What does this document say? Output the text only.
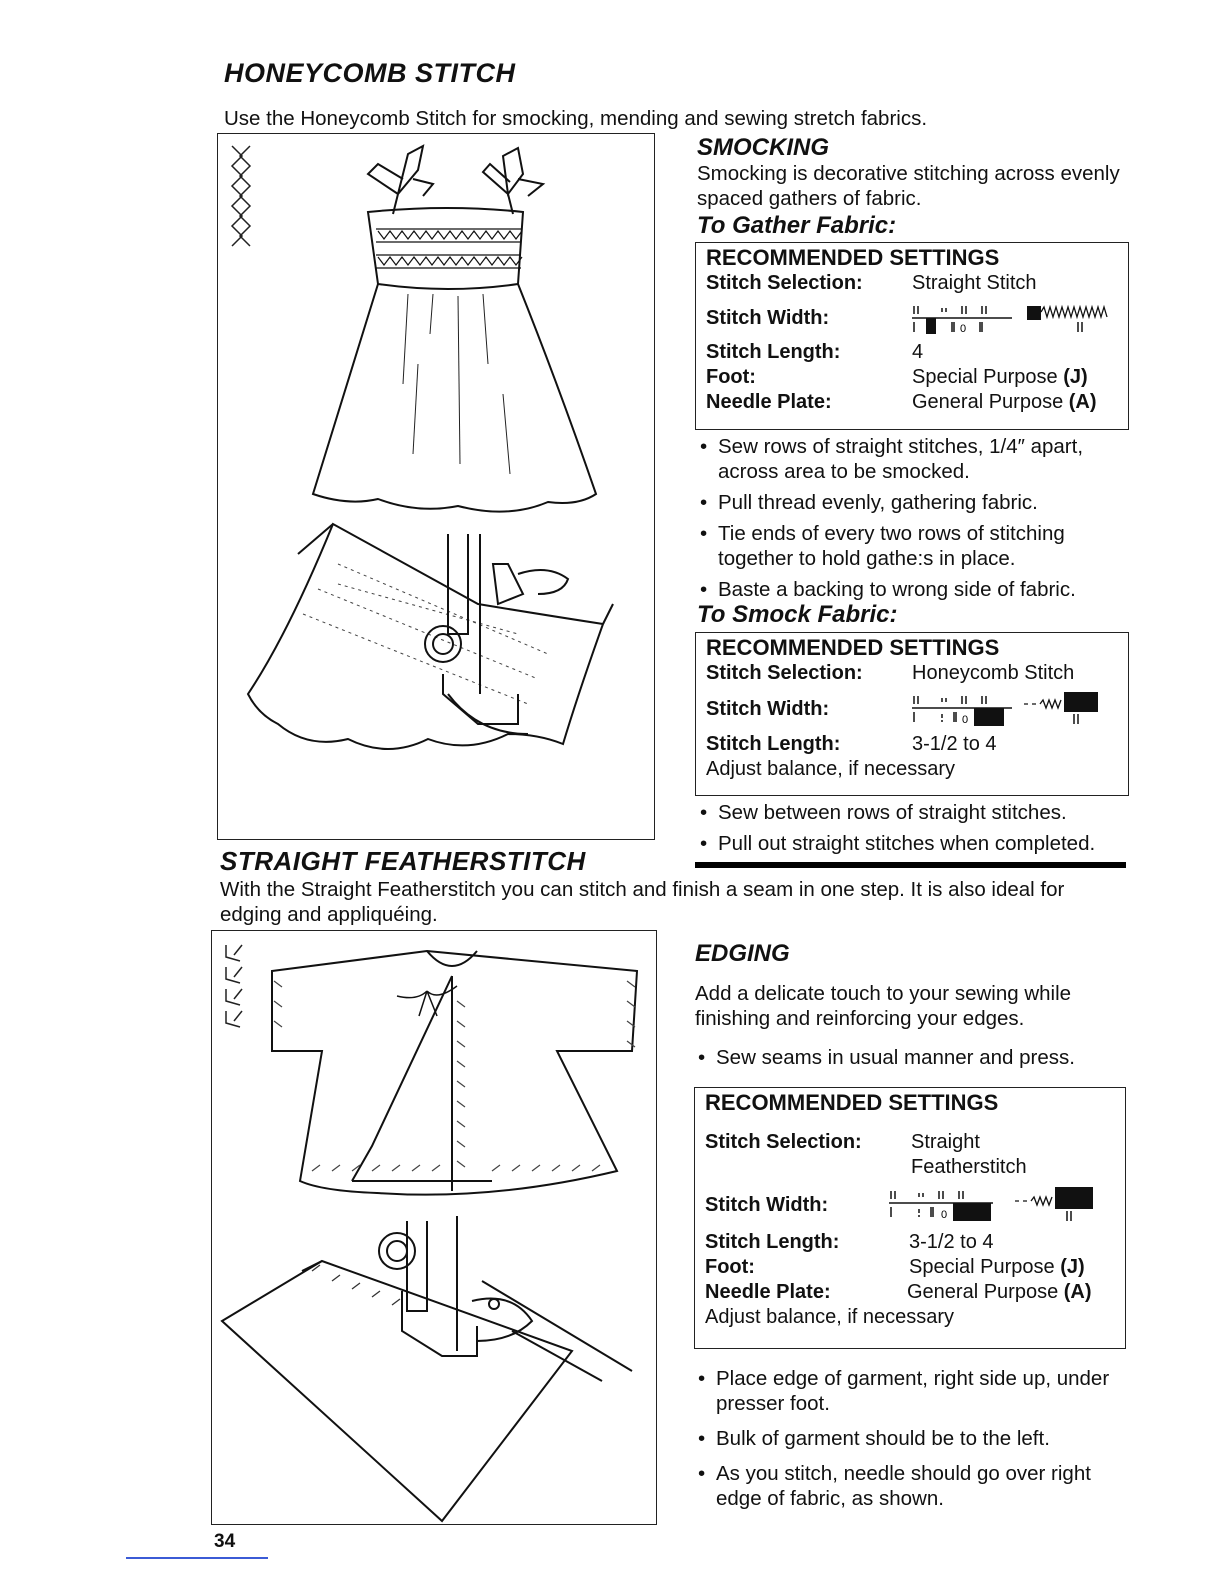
HONEYCOMB STITCH
Use the Honeycomb Stitch for smocking, mending and sewing stretch fabrics.
SMOCKING
Smocking is decorative stitching across evenly spaced gathers of fabric.
To Gather Fabric:
RECOMMENDED SETTINGS
Stitch Selection:	Straight Stitch
Stitch Width:
0
Stitch Length:	4
Foot:	Special Purpose (J)
Needle Plate:	General Purpose (A)
• Sew rows of straight stitches, 1/4″ apart, across area to be smocked.
• Pull thread evenly, gathering fabric.
• Tie ends of every two rows of stitching together to hold gathe:s in place.
• Baste a backing to wrong side of fabric.
To Smock Fabric:
RECOMMENDED SETTINGS
Stitch Selection:	Honeycomb Stitch
Stitch Width:
0
Stitch Length:	3-1/2 to 4
Adjust balance, if necessary
• Sew between rows of straight stitches.
• Pull out straight stitches when completed.
STRAIGHT FEATHERSTITCH
With the Straight Featherstitch you can stitch and finish a seam in one step. It is also ideal for edging and appliquéing.
EDGING
Add a delicate touch to your sewing while finishing and reinforcing your edges.
• Sew seams in usual manner and press.
RECOMMENDED SETTINGS
Stitch Selection:	Straight
Featherstitch
Stitch Width:	0
Stitch Length:	3-1/2 to 4
Foot:	Special Purpose (J)
Needle Plate:	General Purpose (A)
Adjust balance, if necessary
• Place edge of garment, right side up, under presser foot.
• Bulk of garment should be to the left.
• As you stitch, needle should go over right edge of fabric, as shown.
34
